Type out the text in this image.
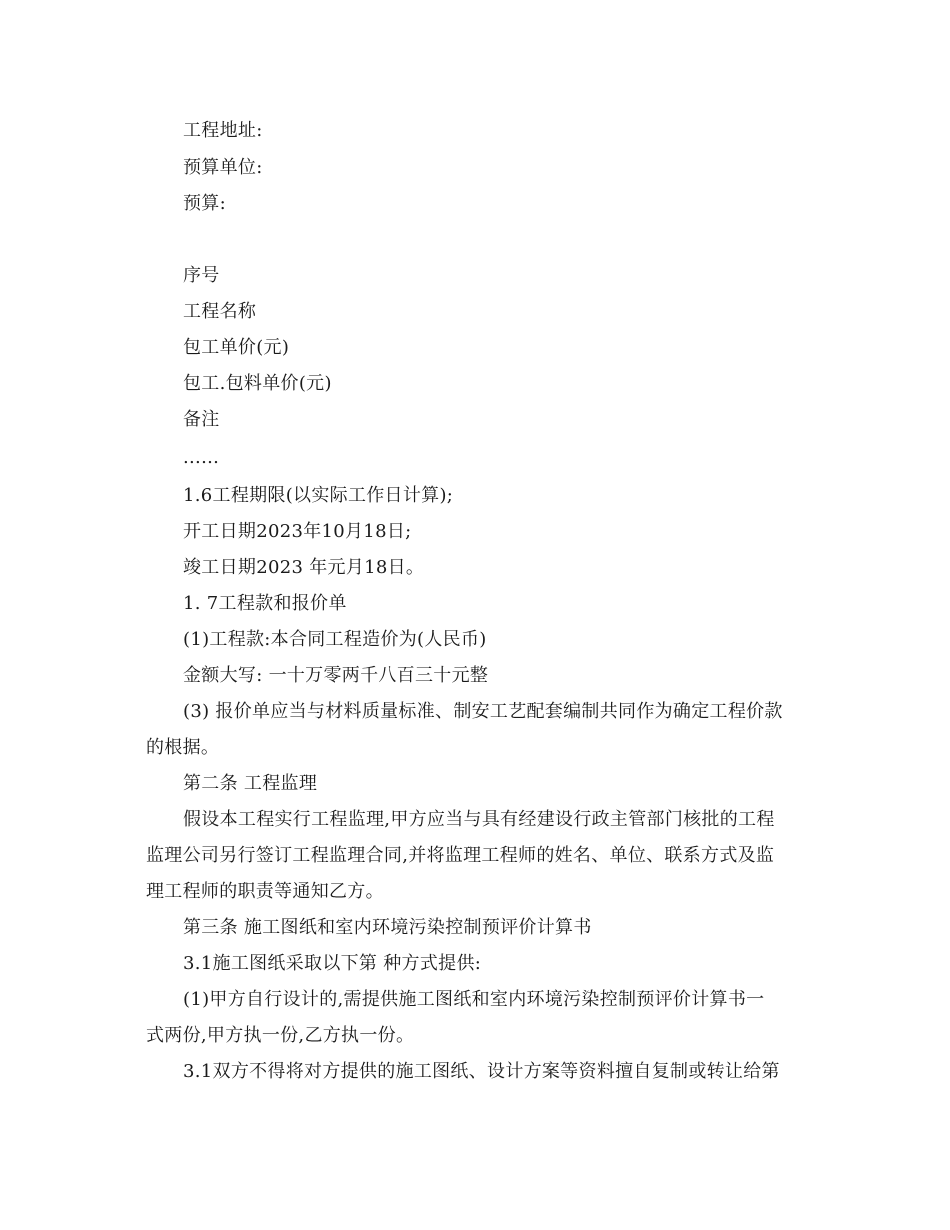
工程地址:
预算单位:
预算:
序号
工程名称
包工单价(元)
包工.包料单价(元)
备注
......
1.6工程期限(以实际工作日计算);
开工日期2023年10月18日;
竣工日期2023 年元月18日。
1. 7工程款和报价单
(1)工程款:本合同工程造价为(人民币)
金额大写: 一十万零两千八百三十元整
(3) 报价单应当与材料质量标准、制安工艺配套编制共同作为确定工程价款
的根据。
第二条 工程监理
假设本工程实行工程监理,甲方应当与具有经建设行政主管部门核批的工程
监理公司另行签订工程监理合同,并将监理工程师的姓名、单位、联系方式及监
理工程师的职责等通知乙方。
第三条 施工图纸和室内环境污染控制预评价计算书
3.1施工图纸采取以下第 种方式提供:
(1)甲方自行设计的,需提供施工图纸和室内环境污染控制预评价计算书一
式两份,甲方执一份,乙方执一份。
3.1双方不得将对方提供的施工图纸、设计方案等资料擅自复制或转让给第
